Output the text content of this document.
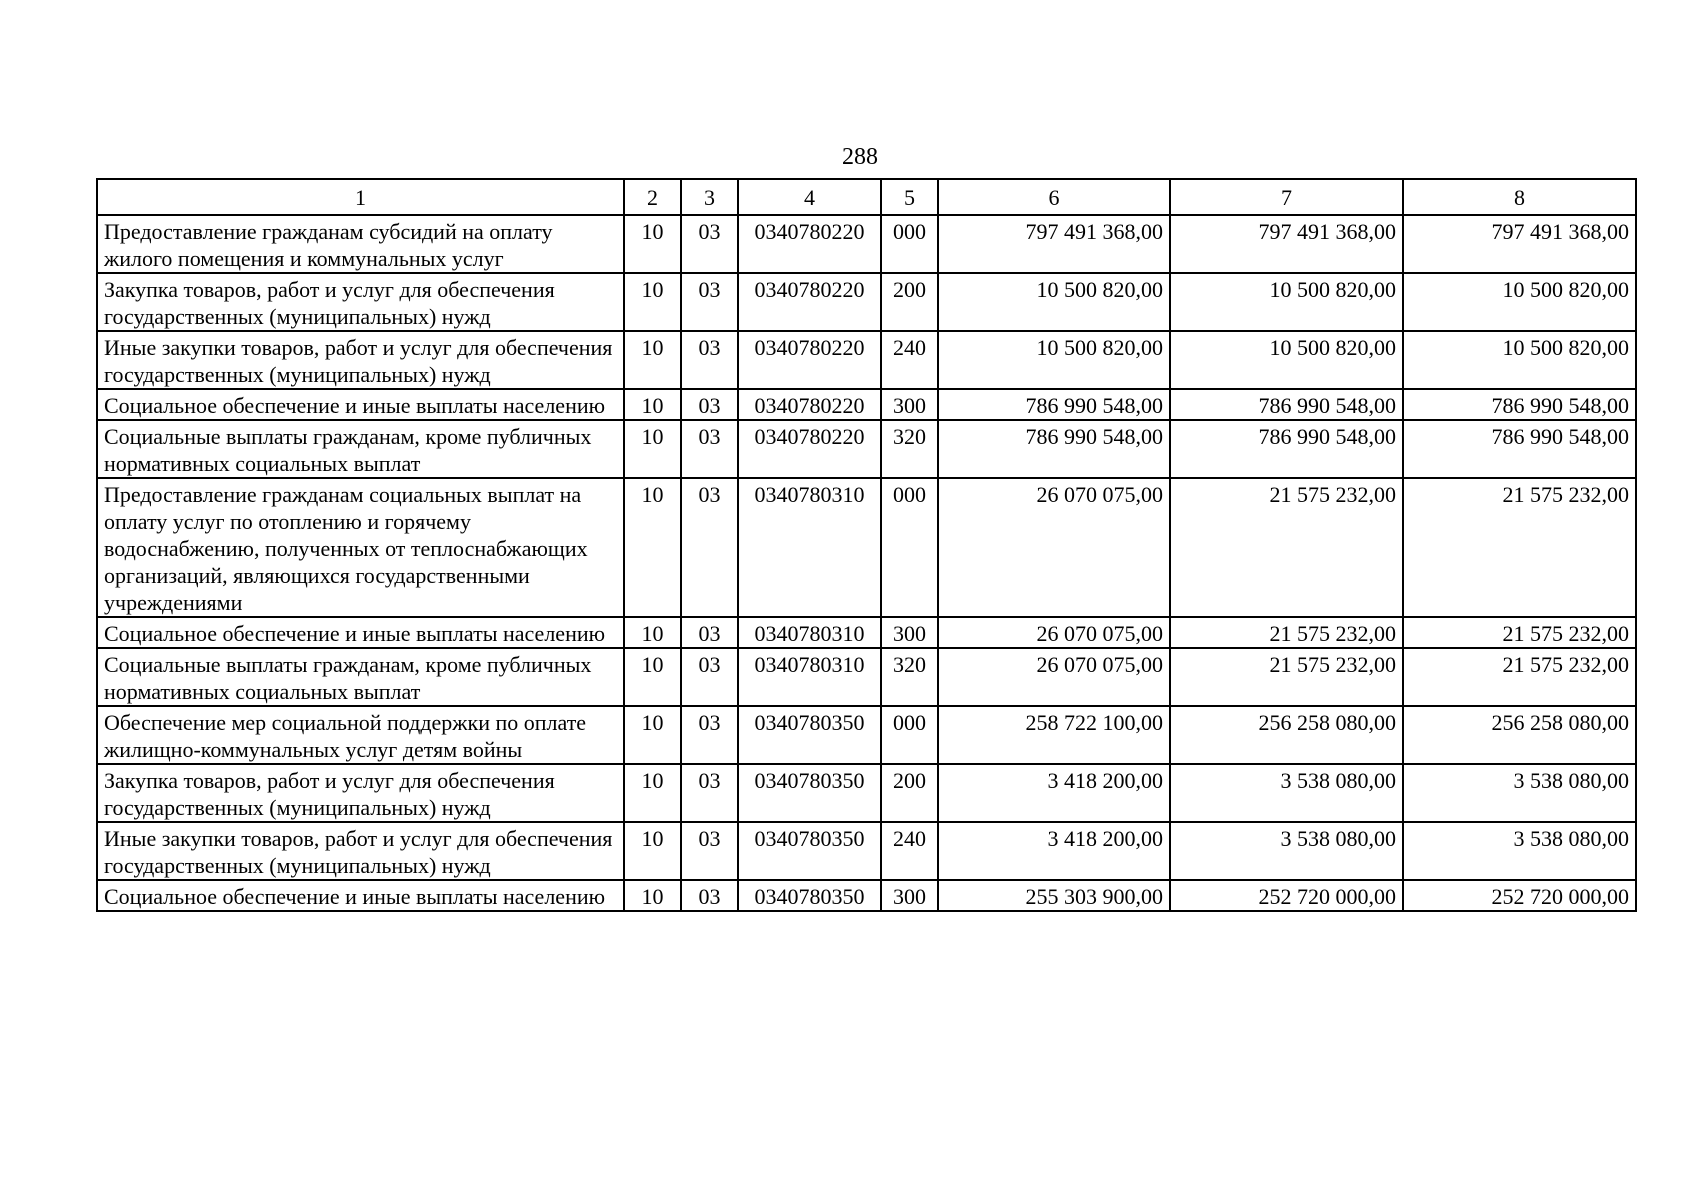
288
1	2	3	4	5	6	7	8
Предоставление гражданам субсидий на оплату жилого помещения и коммунальных услуг	10	03	0340780220	000	797 491 368,00	797 491 368,00	797 491 368,00
Закупка товаров, работ и услуг для обеспечения государственных (муниципальных) нужд	10	03	0340780220	200	10 500 820,00	10 500 820,00	10 500 820,00
Иные закупки товаров, работ и услуг для обеспечения государственных (муниципальных) нужд	10	03	0340780220	240	10 500 820,00	10 500 820,00	10 500 820,00
Социальное обеспечение и иные выплаты населению	10	03	0340780220	300	786 990 548,00	786 990 548,00	786 990 548,00
Социальные выплаты гражданам, кроме публичных нормативных социальных выплат	10	03	0340780220	320	786 990 548,00	786 990 548,00	786 990 548,00
Предоставление гражданам социальных выплат на оплату услуг по отоплению и горячему водоснабжению, полученных от теплоснабжающих организаций, являющихся государственными учреждениями	10	03	0340780310	000	26 070 075,00	21 575 232,00	21 575 232,00
Социальное обеспечение и иные выплаты населению	10	03	0340780310	300	26 070 075,00	21 575 232,00	21 575 232,00
Социальные выплаты гражданам, кроме публичных нормативных социальных выплат	10	03	0340780310	320	26 070 075,00	21 575 232,00	21 575 232,00
Обеспечение мер социальной поддержки по оплате жилищно-коммунальных услуг детям войны	10	03	0340780350	000	258 722 100,00	256 258 080,00	256 258 080,00
Закупка товаров, работ и услуг для обеспечения государственных (муниципальных) нужд	10	03	0340780350	200	3 418 200,00	3 538 080,00	3 538 080,00
Иные закупки товаров, работ и услуг для обеспечения государственных (муниципальных) нужд	10	03	0340780350	240	3 418 200,00	3 538 080,00	3 538 080,00
Социальное обеспечение и иные выплаты населению	10	03	0340780350	300	255 303 900,00	252 720 000,00	252 720 000,00
